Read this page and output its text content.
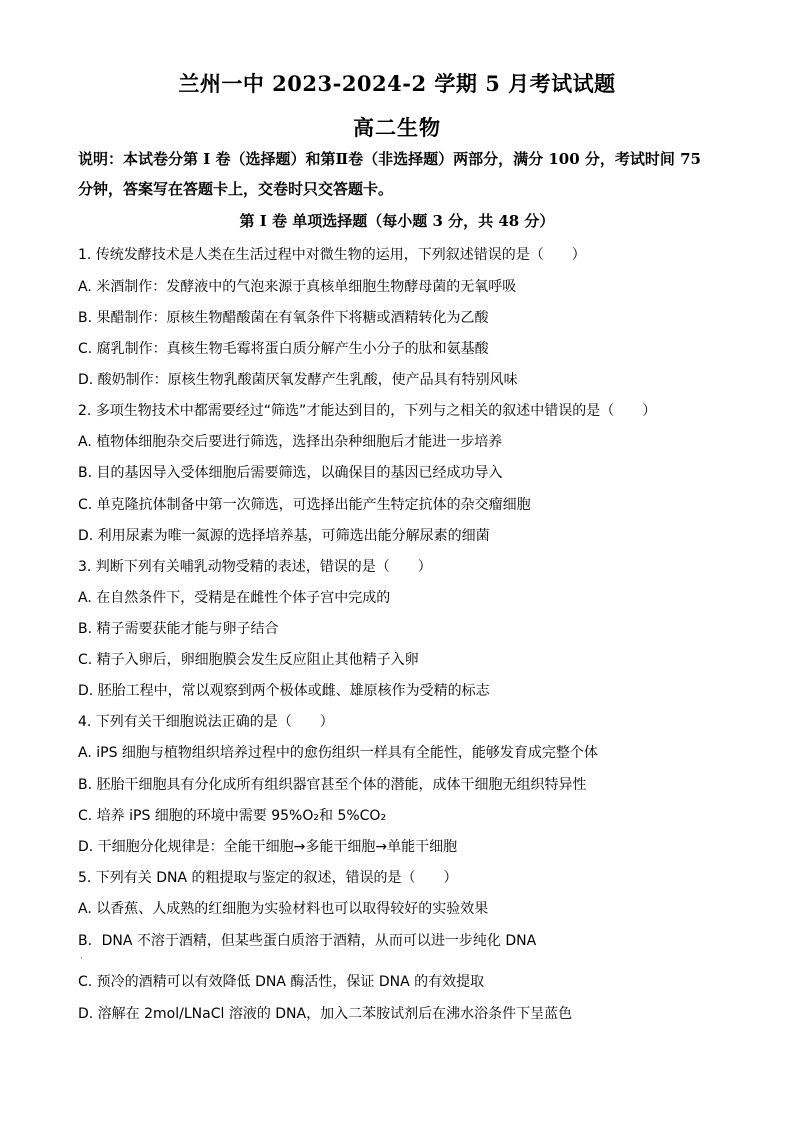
兰州一中 2023-2024-2 学期 5 月考试试题
高二生物
说明：本试卷分第 I 卷（选择题）和第Ⅱ卷（非选择题）两部分，满分 100 分，考试时间 75
分钟，答案写在答题卡上，交卷时只交答题卡。
第 I 卷 单项选择题（每小题 3 分，共 48 分）
1. 传统发酵技术是人类在生活过程中对微生物的运用，下列叙述错误的是（　　）
A. 米酒制作：发酵液中的气泡来源于真核单细胞生物酵母菌的无氧呼吸
B. 果醋制作：原核生物醋酸菌在有氧条件下将糖或酒精转化为乙酸
C. 腐乳制作：真核生物毛霉将蛋白质分解产生小分子的肽和氨基酸
D. 酸奶制作：原核生物乳酸菌厌氧发酵产生乳酸，使产品具有特别风味
2. 多项生物技术中都需要经过“筛选”才能达到目的，下列与之相关的叙述中错误的是（　　）
A. 植物体细胞杂交后要进行筛选，选择出杂种细胞后才能进一步培养
B. 目的基因导入受体细胞后需要筛选，以确保目的基因已经成功导入
C. 单克隆抗体制备中第一次筛选，可选择出能产生特定抗体的杂交瘤细胞
D. 利用尿素为唯一氮源的选择培养基，可筛选出能分解尿素的细菌
3. 判断下列有关哺乳动物受精的表述，错误的是（　　）
A. 在自然条件下，受精是在雌性个体子宫中完成的
B. 精子需要获能才能与卵子结合
C. 精子入卵后，卵细胞膜会发生反应阻止其他精子入卵
D. 胚胎工程中，常以观察到两个极体或雌、雄原核作为受精的标志
4. 下列有关干细胞说法正确的是（　　）
A. iPS 细胞与植物组织培养过程中的愈伤组织一样具有全能性，能够发育成完整个体
B. 胚胎干细胞具有分化成所有组织器官甚至个体的潜能，成体干细胞无组织特异性
C. 培养 iPS 细胞的环境中需要 95%O₂和 5%CO₂
D. 干细胞分化规律是：全能干细胞→多能干细胞→单能干细胞
5. 下列有关 DNA 的粗提取与鉴定的叙述，错误的是（　　）
A. 以香蕉、人成熟的红细胞为实验材料也可以取得较好的实验效果
B．DNA 不溶于酒精，但某些蛋白质溶于酒精，从而可以进一步纯化 DNA
·
C. 预冷的酒精可以有效降低 DNA 酶活性，保证 DNA 的有效提取
D. 溶解在 2mol/LNaCl 溶液的 DNA，加入二苯胺试剂后在沸水浴条件下呈蓝色
